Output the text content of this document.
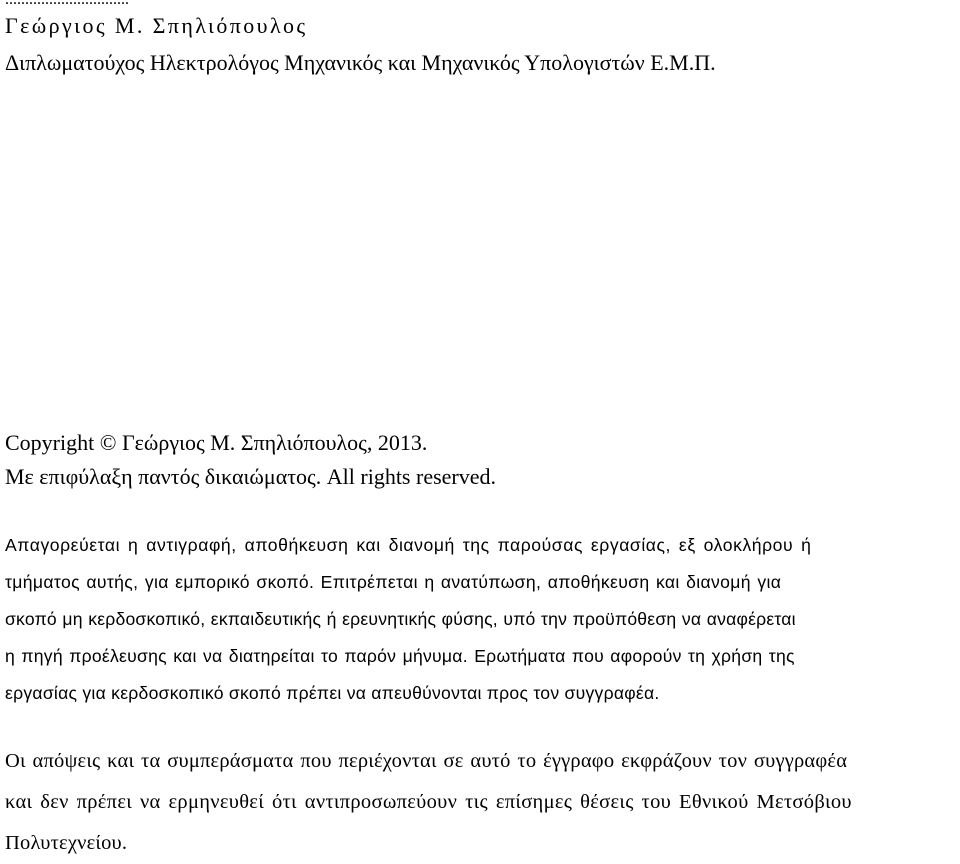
Γεώργιος Μ. Σπηλιόπουλος
Διπλωματούχος Ηλεκτρολόγος Μηχανικός και Μηχανικός Υπολογιστών Ε.Μ.Π.
Copyright © Γεώργιος Μ. Σπηλιόπουλος, 2013.
Με επιφύλαξη παντός δικαιώματος. All rights reserved.
Απαγορεύεται η αντιγραφή, αποθήκευση και διανομή της παρούσας εργασίας, εξ ολοκλήρου ή
τμήματος αυτής, για εμπορικό σκοπό. Επιτρέπεται η ανατύπωση, αποθήκευση και διανομή για
σκοπό μη κερδοσκοπικό, εκπαιδευτικής ή ερευνητικής φύσης, υπό την προϋπόθεση να αναφέρεται
η πηγή προέλευσης και να διατηρείται το παρόν μήνυμα. Ερωτήματα που αφορούν τη χρήση της
εργασίας για κερδοσκοπικό σκοπό πρέπει να απευθύνονται προς τον συγγραφέα.
Οι απόψεις και τα συμπεράσματα που περιέχονται σε αυτό το έγγραφο εκφράζουν τον συγγραφέα
και δεν πρέπει να ερμηνευθεί ότι αντιπροσωπεύουν τις επίσημες θέσεις του Εθνικού Μετσόβιου
Πολυτεχνείου.
